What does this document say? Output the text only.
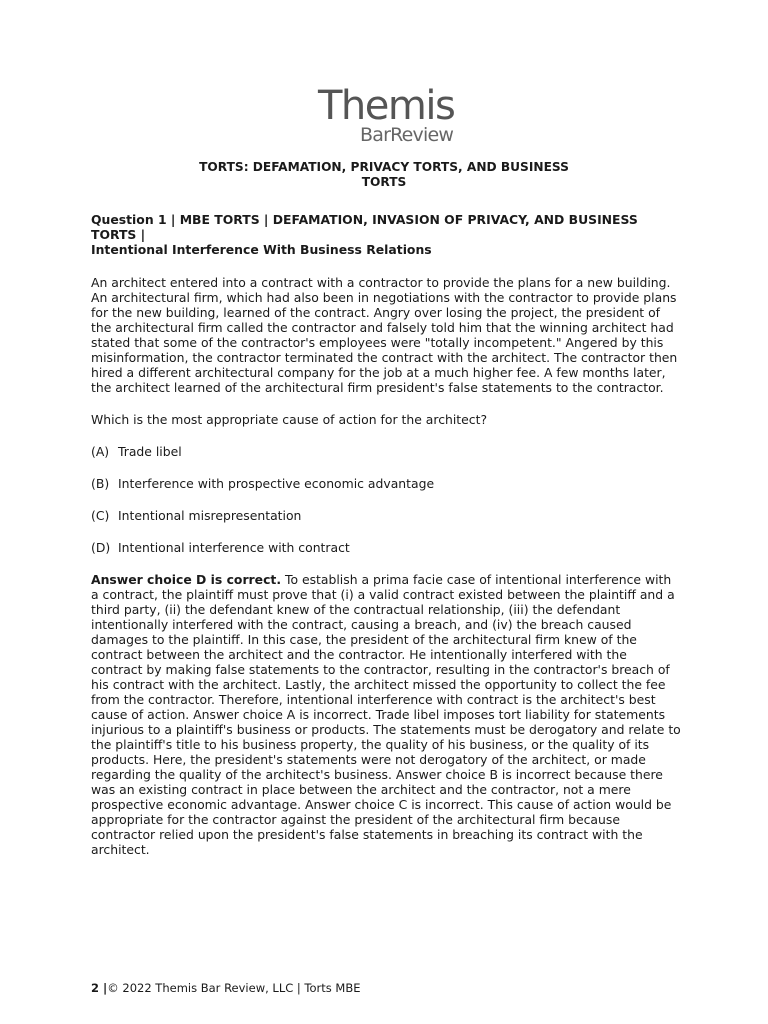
Themis
BarReview
TORTS: DEFAMATION, PRIVACY TORTS, AND BUSINESS
TORTS

Question 1 | MBE TORTS | DEFAMATION, INVASION OF PRIVACY, AND BUSINESS
TORTS |
Intentional Interference With Business Relations

An architect entered into a contract with a contractor to provide the plans for a new building. An architectural firm, which had also been in negotiations with the contractor to provide plans for the new building, learned of the contract. Angry over losing the project, the president of the architectural firm called the contractor and falsely told him that the winning architect had stated that some of the contractor's employees were "totally incompetent." Angered by this misinformation, the contractor terminated the contract with the architect. The contractor then hired a different architectural company for the job at a much higher fee. A few months later, the architect learned of the architectural firm president's false statements to the contractor.

Which is the most appropriate cause of action for the architect?

(A) Trade libel
(B) Interference with prospective economic advantage
(C) Intentional misrepresentation
(D) Intentional interference with contract

Answer choice D is correct. To establish a prima facie case of intentional interference with a contract, the plaintiff must prove that (i) a valid contract existed between the plaintiff and a third party, (ii) the defendant knew of the contractual relationship, (iii) the defendant intentionally interfered with the contract, causing a breach, and (iv) the breach caused damages to the plaintiff. In this case, the president of the architectural firm knew of the contract between the architect and the contractor. He intentionally interfered with the contract by making false statements to the contractor, resulting in the contractor's breach of his contract with the architect. Lastly, the architect missed the opportunity to collect the fee from the contractor. Therefore, intentional interference with contract is the architect's best cause of action. Answer choice A is incorrect. Trade libel imposes tort liability for statements injurious to a plaintiff's business or products. The statements must be derogatory and relate to the plaintiff's title to his business property, the quality of his business, or the quality of its products. Here, the president's statements were not derogatory of the architect, or made regarding the quality of the architect's business. Answer choice B is incorrect because there was an existing contract in place between the architect and the contractor, not a mere prospective economic advantage. Answer choice C is incorrect. This cause of action would be appropriate for the contractor against the president of the architectural firm because contractor relied upon the president's false statements in breaching its contract with the architect.

2 |© 2022 Themis Bar Review, LLC | Torts MBE
